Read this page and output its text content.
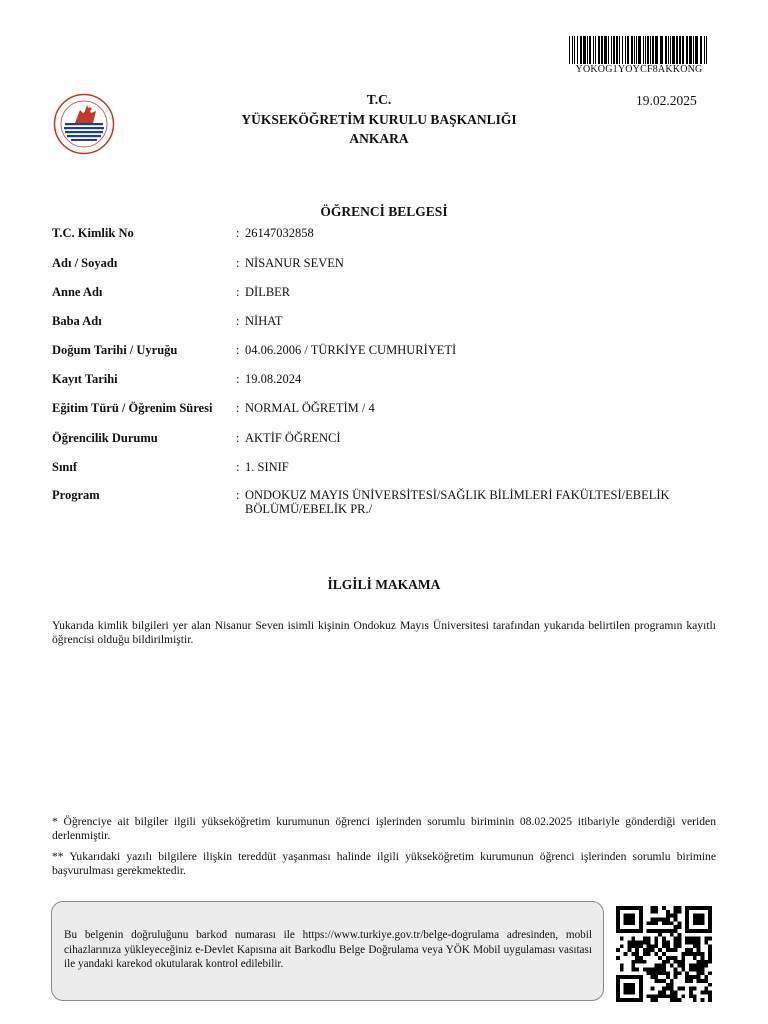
YOKOG1YOYCF8AKKONG
T.C.
YÜKSEKÖĞRETİM KURULU BAŞKANLIĞI
ANKARA
19.02.2025
ÖĞRENCİ BELGESİ
T.C. Kimlik No	: 26147032858
Adı / Soyadı	: NİSANUR SEVEN
Anne Adı	: DİLBER
Baba Adı	: NİHAT
Doğum Tarihi / Uyruğu	: 04.06.2006 / TÜRKİYE CUMHURİYETİ
Kayıt Tarihi	: 19.08.2024
Eğitim Türü / Öğrenim Süresi : NORMAL ÖĞRETİM / 4
Öğrencilik Durumu	: AKTİF ÖĞRENCİ
Sınıf	: 1. SINIF
Program	: ONDOKUZ MAYIS ÜNİVERSİTESİ/SAĞLIK BİLİMLERİ FAKÜLTESİ/EBELİK BÖLÜMÜ/EBELİK PR./
İLGİLİ MAKAMA
Yukarıda kimlik bilgileri yer alan Nisanur Seven isimli kişinin Ondokuz Mayıs Üniversitesi tarafından yukarıda belirtilen programın kayıtlı öğrencisi olduğu bildirilmiştir.
* Öğrenciye ait bilgiler ilgili yükseköğretim kurumunun öğrenci işlerinden sorumlu biriminin 08.02.2025 itibariyle gönderdiği veriden derlenmiştir.
** Yukarıdaki yazılı bilgilere ilişkin tereddüt yaşanması halinde ilgili yükseköğretim kurumunun öğrenci işlerinden sorumlu birimine başvurulması gerekmektedir.
Bu belgenin doğruluğunu barkod numarası ile https://www.turkiye.gov.tr/belge-dogrulama adresinden, mobil cihazlarınıza yükleyeceğiniz e-Devlet Kapısına ait Barkodlu Belge Doğrulama veya YÖK Mobil uygulaması vasıtası ile yandaki karekod okutularak kontrol edilebilir.
